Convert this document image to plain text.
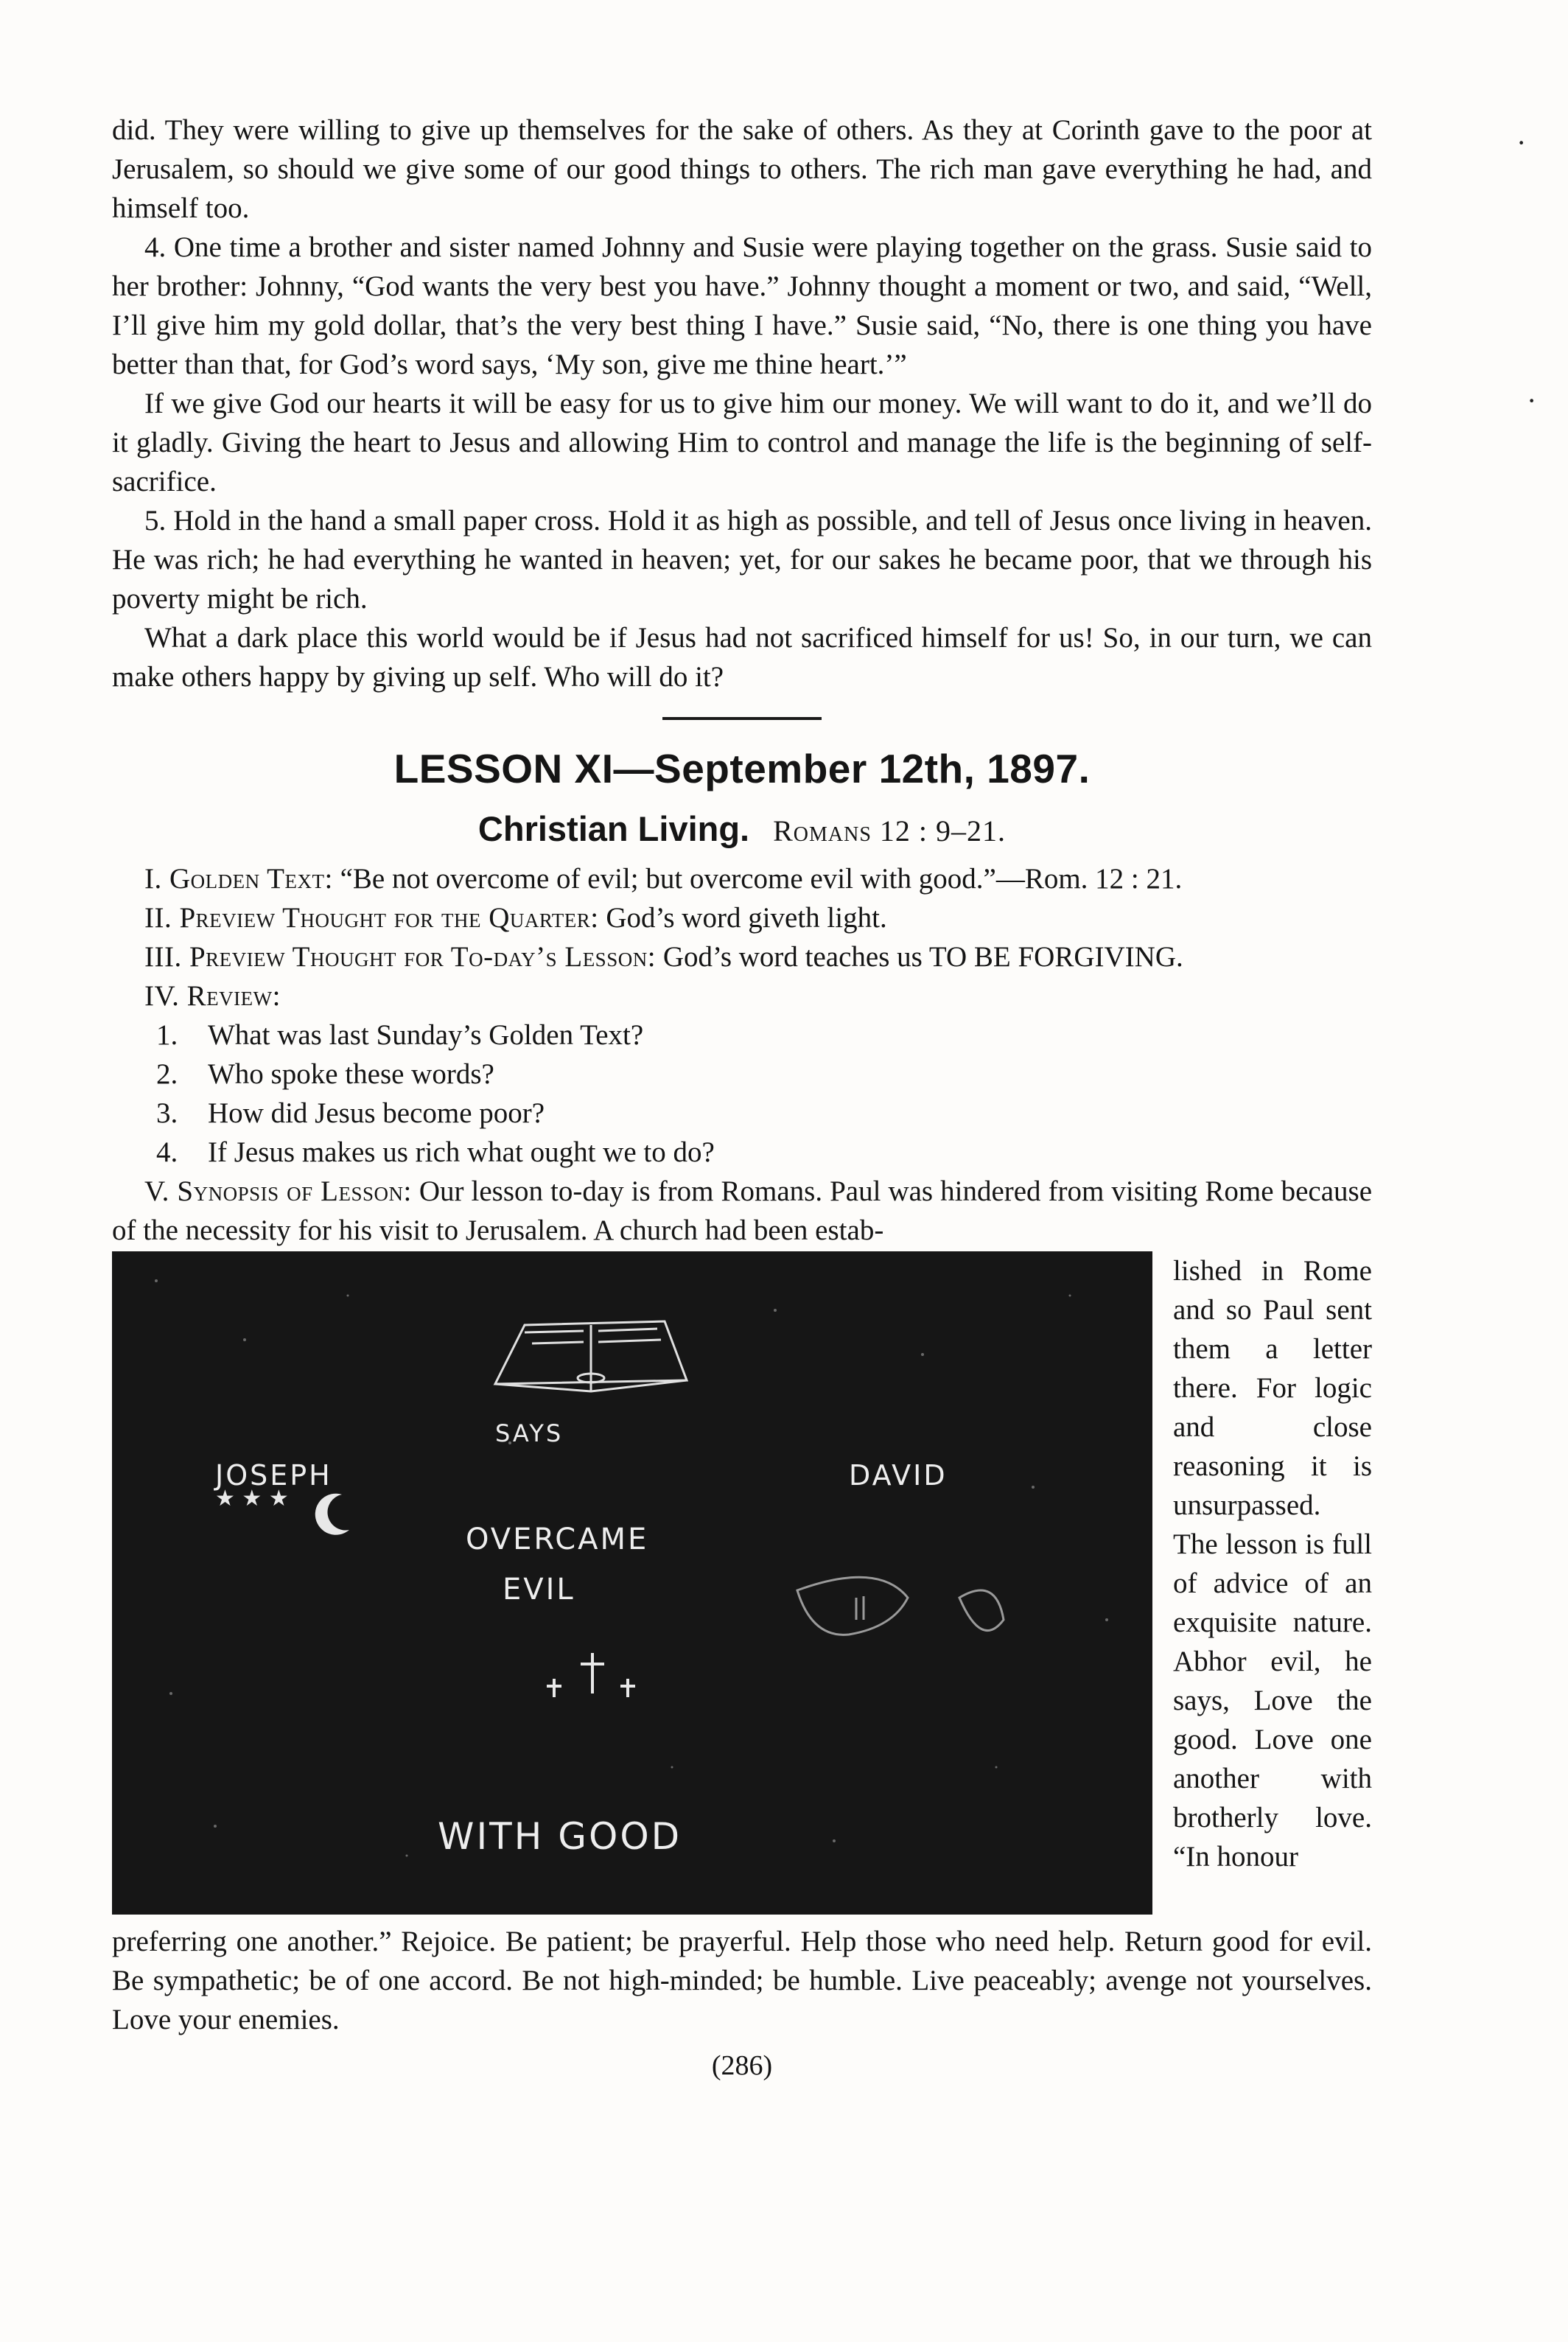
did. They were willing to give up themselves for the sake of others. As they at Corinth gave to the poor at Jerusalem, so should we give some of our good things to others. The rich man gave everything he had, and himself too.

4. One time a brother and sister named Johnny and Susie were playing together on the grass. Susie said to her brother: Johnny, “God wants the very best you have.” Johnny thought a moment or two, and said, “Well, I’ll give him my gold dollar, that’s the very best thing I have.” Susie said, “No, there is one thing you have better than that, for God’s word says, ‘My son, give me thine heart.’”

If we give God our hearts it will be easy for us to give him our money. We will want to do it, and we’ll do it gladly. Giving the heart to Jesus and allowing Him to control and manage the life is the beginning of self-sacrifice.

5. Hold in the hand a small paper cross. Hold it as high as possible, and tell of Jesus once living in heaven. He was rich; he had everything he wanted in heaven; yet, for our sakes he became poor, that we through his poverty might be rich.

What a dark place this world would be if Jesus had not sacrificed himself for us! So, in our turn, we can make others happy by giving up self. Who will do it?

LESSON XI—September 12th, 1897.
Christian Living. Romans 12 : 9–21.

I. Golden Text: “Be not overcome of evil; but overcome evil with good.”—Rom. 12 : 21.

II. Preview Thought for the Quarter: God’s word giveth light.

III. Preview Thought for To-day’s Lesson: God’s word teaches us TO BE FORGIVING.

IV. Review:

1. What was last Sunday’s Golden Text?

2. Who spoke these words?

3. How did Jesus become poor?

4. If Jesus makes us rich what ought we to do?

V. Synopsis of Lesson: Our lesson to-day is from Romans. Paul was hindered from visiting Rome because of the necessity for his visit to Jerusalem. A church had been estab-

★ ★ ★
SAYS
JOSEPH	DAVID
OVERCAME
EVIL
WITH GOOD
lished in Rome and so Paul sent them a letter there. For logic and close reasoning it is unsurpassed. The lesson is full of advice of an exquisite nature. Abhor evil, he says, Love the good. Love one another with brotherly love. “In honour

preferring one another.” Rejoice. Be patient; be prayerful. Help those who need help. Return good for evil. Be sympathetic; be of one accord. Be not high-minded; be humble. Live peaceably; avenge not yourselves. Love your enemies.

(286)
·
·
